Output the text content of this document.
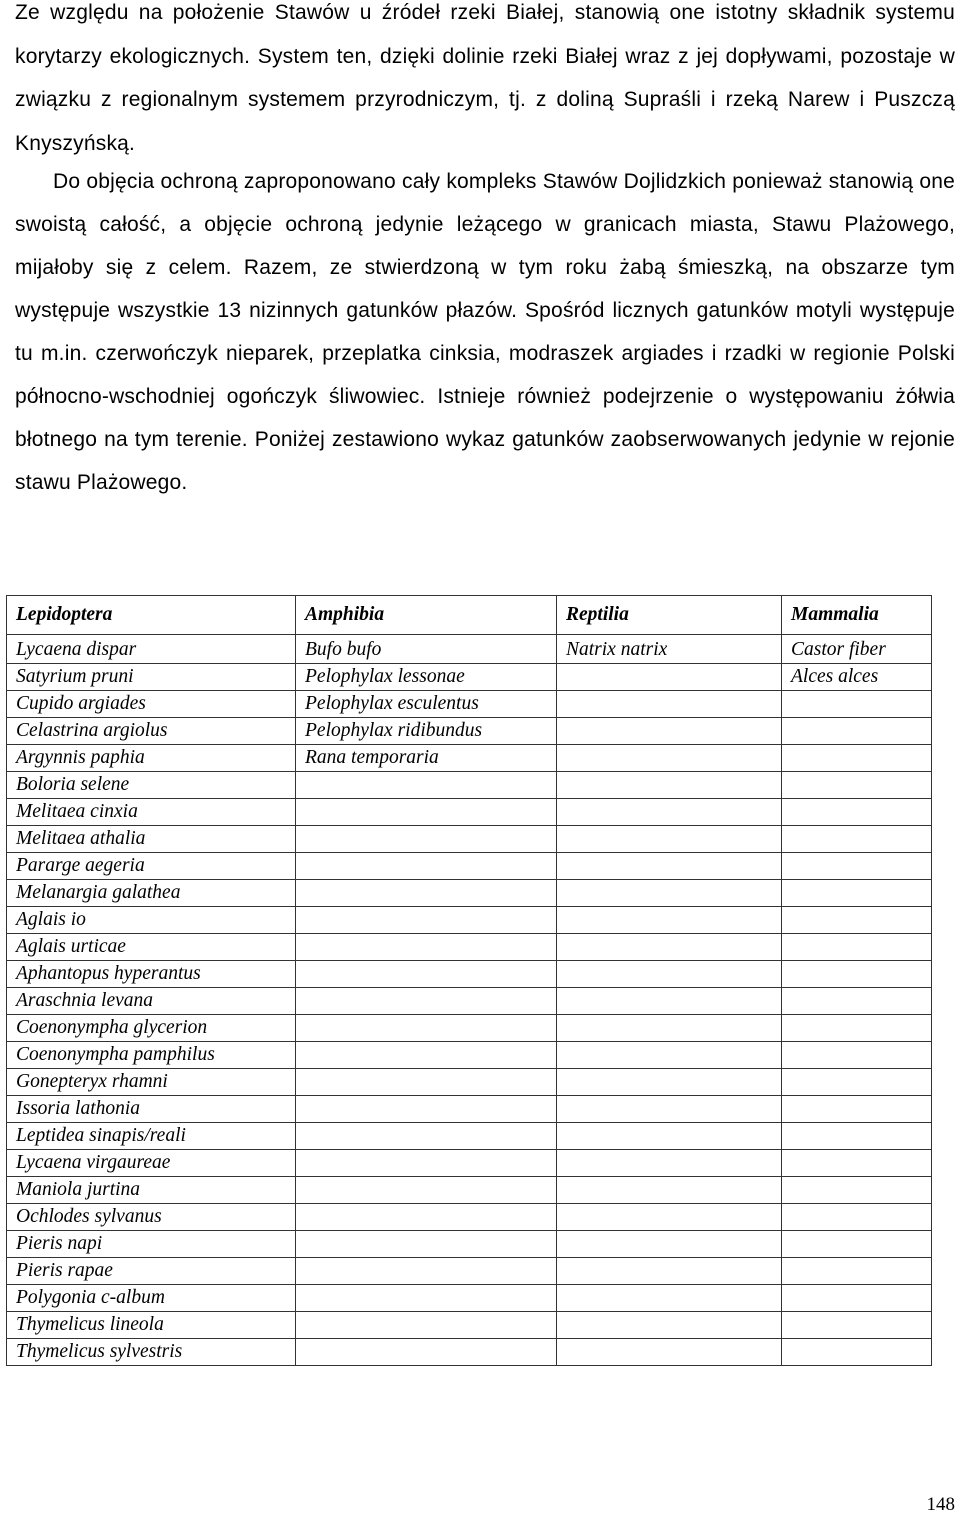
Ze względu na położenie Stawów u źródeł rzeki Białej, stanowią one istotny składnik systemu korytarzy ekologicznych. System ten, dzięki dolinie rzeki Białej wraz z jej dopływami, pozostaje w związku z regionalnym systemem przyrodniczym, tj. z doliną Supraśli i rzeką Narew i Puszczą Knyszyńską.

Do objęcia ochroną zaproponowano cały kompleks Stawów Dojlidzkich ponieważ stanowią one swoistą całość, a objęcie ochroną jedynie leżącego w granicach miasta, Stawu Plażowego, mijałoby się z celem. Razem, ze stwierdzoną w tym roku żabą śmieszką, na obszarze tym występuje wszystkie 13 nizinnych gatunków płazów. Spośród licznych gatunków motyli występuje tu m.in. czerwończyk nieparek, przeplatka cinksia, modraszek argiades i rzadki w regionie Polski północno-wschodniej ogończyk śliwowiec. Istnieje również podejrzenie o występowaniu żółwia błotnego na tym terenie. Poniżej zestawiono wykaz gatunków zaobserwowanych jedynie w rejonie stawu Plażowego.

Lepidoptera	Amphibia	Reptilia	Mammalia
Lycaena dispar	Bufo bufo	Natrix natrix	Castor fiber
Satyrium pruni	Pelophylax lessonae		Alces alces
Cupido argiades	Pelophylax esculentus		
Celastrina argiolus	Pelophylax ridibundus		
Argynnis paphia	Rana temporaria		
Boloria selene			
Melitaea cinxia			
Melitaea athalia			
Pararge aegeria			
Melanargia galathea			
Aglais io			
Aglais urticae			
Aphantopus hyperantus			
Araschnia levana			
Coenonympha glycerion			
Coenonympha pamphilus			
Gonepteryx rhamni			
Issoria lathonia			
Leptidea sinapis/reali			
Lycaena virgaureae			
Maniola jurtina			
Ochlodes sylvanus			
Pieris napi			
Pieris rapae			
Polygonia c-album			
Thymelicus lineola			
Thymelicus sylvestris			

148
